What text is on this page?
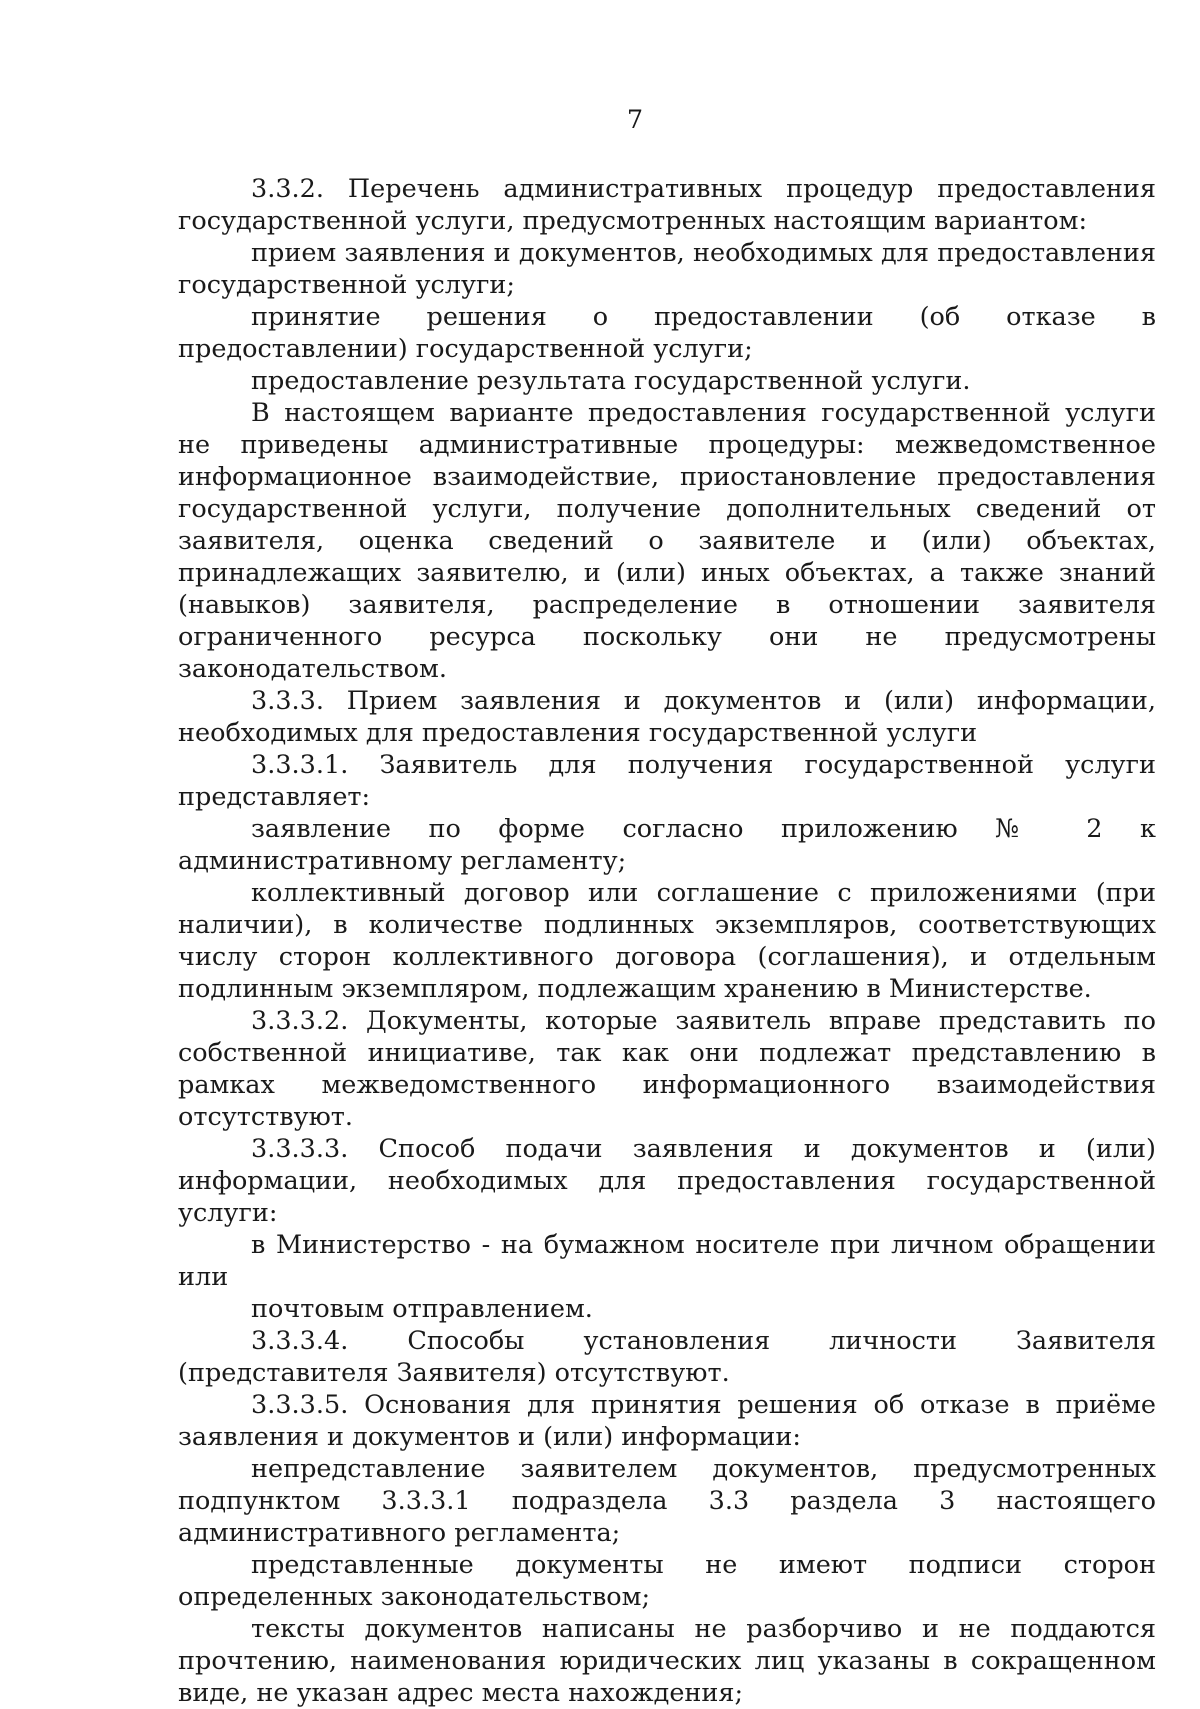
7

3.3.2. Перечень административных процедур предоставления государственной услуги, предусмотренных настоящим вариантом:

прием заявления и документов, необходимых для предоставления государственной услуги;

принятие решения о предоставлении (об отказе в предоставлении) государственной услуги;

предоставление результата государственной услуги.

В настоящем варианте предоставления государственной услуги не приведены административные процедуры: межведомственное информационное взаимодействие, приостановление предоставления государственной услуги, получение дополнительных сведений от заявителя, оценка сведений о заявителе и (или) объектах, принадлежащих заявителю, и (или) иных объектах, а также знаний (навыков) заявителя, распределение в отношении заявителя ограниченного ресурса поскольку они не предусмотрены законодательством.

3.3.3. Прием заявления и документов и (или) информации, необходимых для предоставления государственной услуги

3.3.3.1. Заявитель для получения государственной услуги представляет:

заявление по форме согласно приложению № 2 к административному регламенту;

коллективный договор или соглашение с приложениями (при наличии), в количестве подлинных экземпляров, соответствующих числу сторон коллективного договора (соглашения), и отдельным подлинным экземпляром, подлежащим хранению в Министерстве.

3.3.3.2. Документы, которые заявитель вправе представить по собственной инициативе, так как они подлежат представлению в рамках межведомственного информационного взаимодействия отсутствуют.

3.3.3.3. Способ подачи заявления и документов и (или) информации, необходимых для предоставления государственной услуги:

в Министерство - на бумажном носителе при личном обращении или

почтовым отправлением.

3.3.3.4. Способы установления личности Заявителя (представителя Заявителя) отсутствуют.

3.3.3.5. Основания для принятия решения об отказе в приёме заявления и документов и (или) информации:

непредставление заявителем документов, предусмотренных подпунктом 3.3.3.1 подраздела 3.3 раздела 3 настоящего административного регламента;

представленные документы не имеют подписи сторон определенных законодательством;

тексты документов написаны не разборчиво и не поддаются прочтению, наименования юридических лиц указаны в сокращенном виде, не указан адрес места нахождения;
